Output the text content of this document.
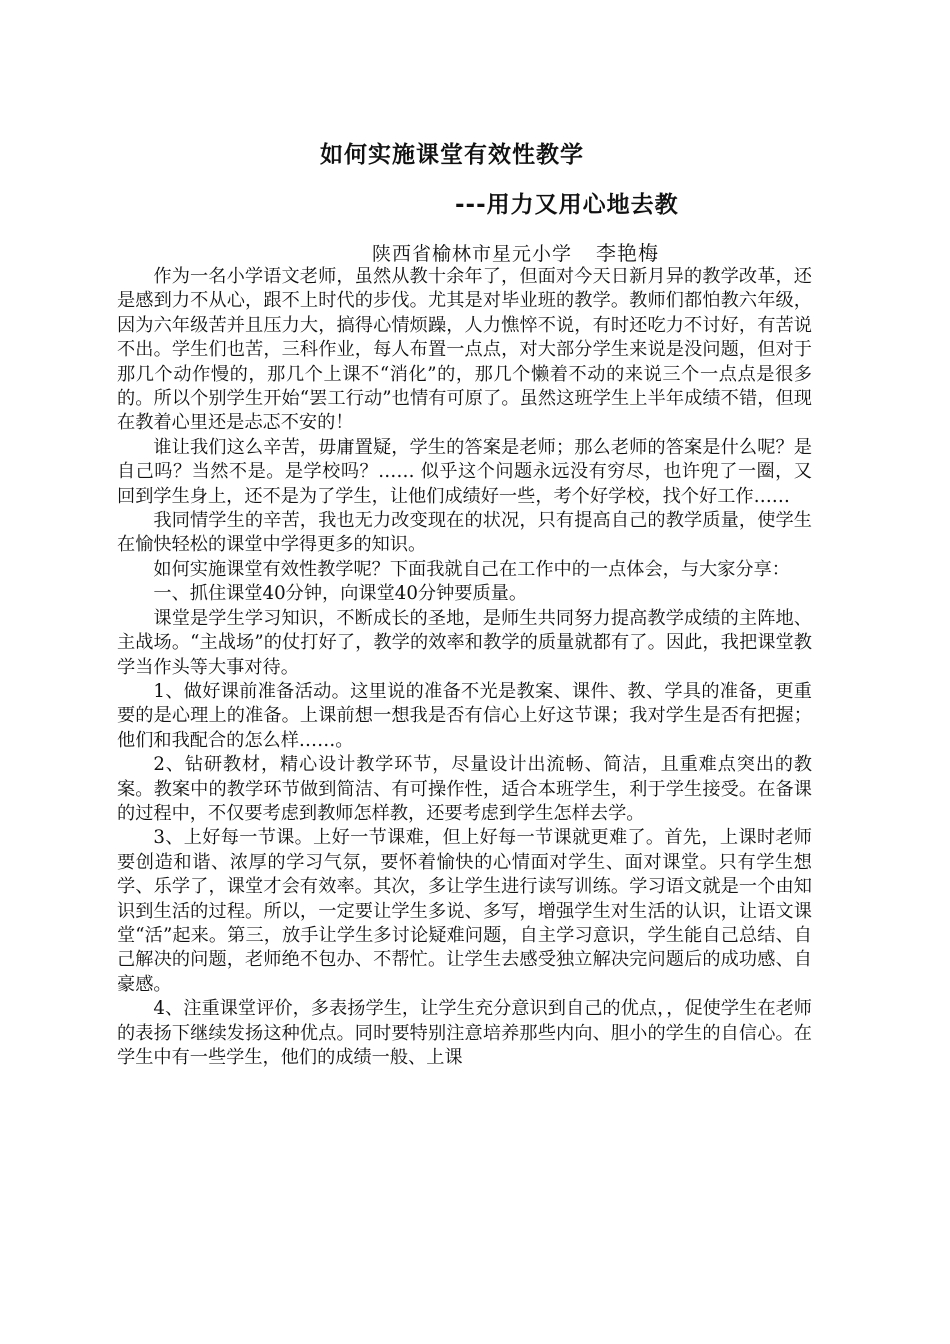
如何实施课堂有效性教学
---用力又用心地去教
陕西省榆林市星元小学 李艳梅

作为一名小学语文老师，虽然从教十余年了，但面对今天日新月异的教学改革，还是感到力不从心，跟不上时代的步伐。尤其是对毕业班的教学。教师们都怕教六年级，因为六年级苦并且压力大，搞得心情烦躁，人力憔悴不说，有时还吃力不讨好，有苦说不出。学生们也苦，三科作业，每人布置一点点，对大部分学生来说是没问题，但对于那几个动作慢的，那几个上课不“消化”的，那几个懒着不动的来说三个一点点是很多的。所以个别学生开始“罢工行动”也情有可原了。虽然这班学生上半年成绩不错，但现在教着心里还是忐忑不安的！

谁让我们这么辛苦，毋庸置疑，学生的答案是老师；那么老师的答案是什么呢？是自己吗？当然不是。是学校吗？…… 似乎这个问题永远没有穷尽，也许兜了一圈，又回到学生身上，还不是为了学生，让他们成绩好一些，考个好学校，找个好工作……

我同情学生的辛苦，我也无力改变现在的状况，只有提高自己的教学质量，使学生在愉快轻松的课堂中学得更多的知识。

如何实施课堂有效性教学呢？下面我就自己在工作中的一点体会，与大家分享：

一、抓住课堂40分钟，向课堂40分钟要质量。

课堂是学生学习知识，不断成长的圣地，是师生共同努力提高教学成绩的主阵地、主战场。“主战场”的仗打好了，教学的效率和教学的质量就都有了。因此，我把课堂教学当作头等大事对待。

1、做好课前准备活动。这里说的准备不光是教案、课件、教、学具的准备，更重要的是心理上的准备。上课前想一想我是否有信心上好这节课；我对学生是否有把握；他们和我配合的怎么样……。

2、钻研教材，精心设计教学环节，尽量设计出流畅、简洁，且重难点突出的教案。教案中的教学环节做到简洁、有可操作性，适合本班学生，利于学生接受。在备课的过程中，不仅要考虑到教师怎样教，还要考虑到学生怎样去学。

3、上好每一节课。上好一节课难，但上好每一节课就更难了。首先，上课时老师要创造和谐、浓厚的学习气氛，要怀着愉快的心情面对学生、面对课堂。只有学生想学、乐学了，课堂才会有效率。其次，多让学生进行读写训练。学习语文就是一个由知识到生活的过程。所以，一定要让学生多说、多写，增强学生对生活的认识，让语文课堂“活”起来。第三，放手让学生多讨论疑难问题，自主学习意识，学生能自己总结、自己解决的问题，老师绝不包办、不帮忙。让学生去感受独立解决完问题后的成功感、自豪感。

4、注重课堂评价，多表扬学生，让学生充分意识到自己的优点，，促使学生在老师的表扬下继续发扬这种优点。同时要特别注意培养那些内向、胆小的学生的自信心。在学生中有一些学生，他们的成绩一般、上课
